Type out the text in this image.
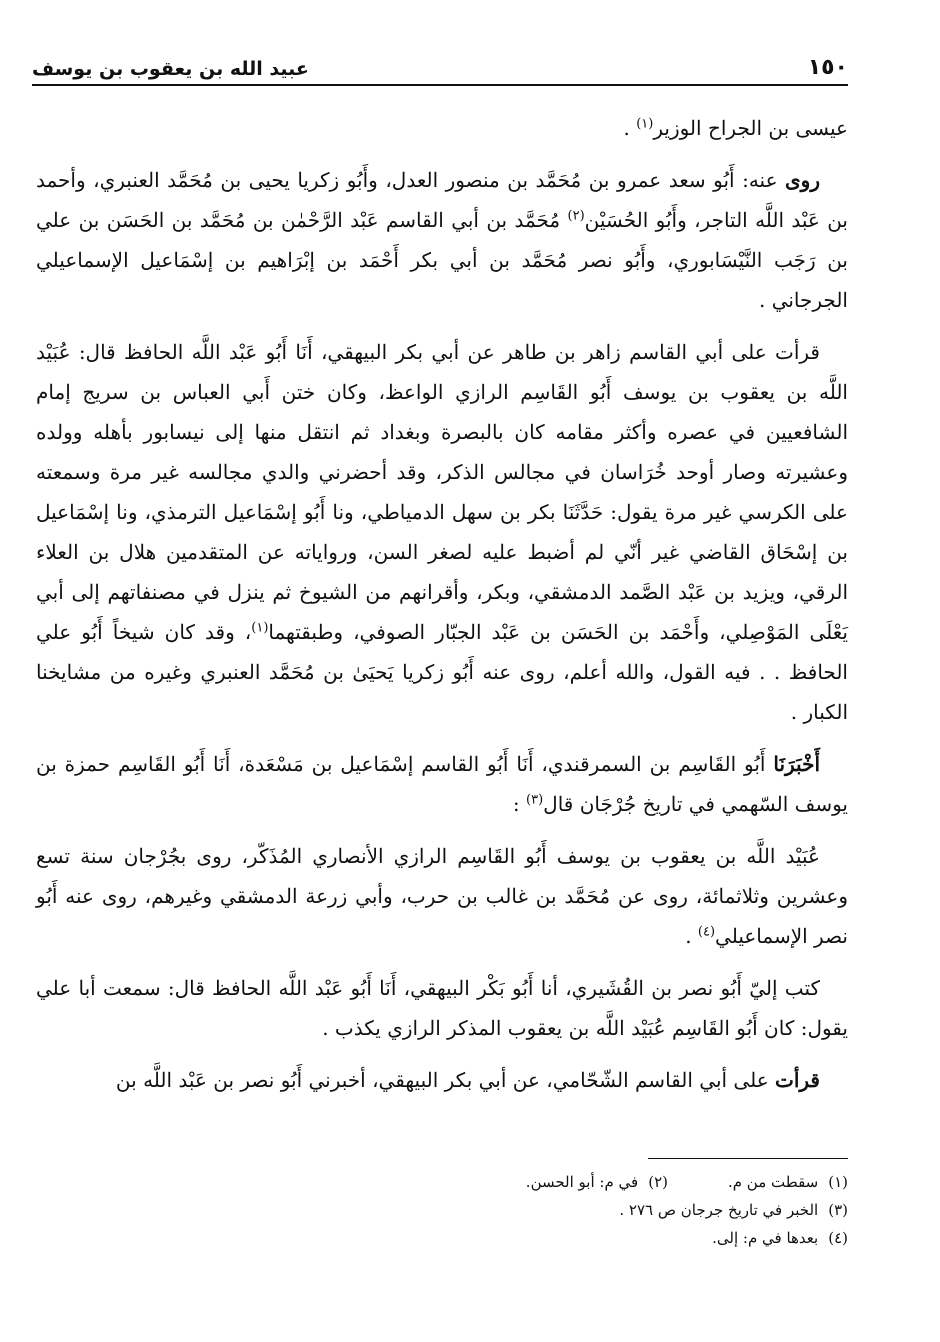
عبيد الله بن يعقوب بن يوسف	١٥٠

عيسى بن الجراح الوزير$^{(١)}$ .

روى عنه: أَبُو سعد عمرو بن مُحَمَّد بن منصور العدل، وأَبُو زكريا يحيى بن مُحَمَّد العنبري، وأحمد بن عَبْد اللَّه التاجر، وأَبُو الحُسَيْن$^{(٢)}$ مُحَمَّد بن أبي القاسم عَبْد الرَّحْمٰن بن مُحَمَّد بن الحَسَن بن علي بن رَجَب النَّيْسَابوري، وأَبُو نصر مُحَمَّد بن أبي بكر أَحْمَد بن إبْرَاهيم بن إسْمَاعيل الإسماعيلي الجرجاني .

قرأت على أبي القاسم زاهر بن طاهر عن أبي بكر البيهقي، أَنَا أَبُو عَبْد اللَّه الحافظ قال: عُبَيْد اللَّه بن يعقوب بن يوسف أَبُو القَاسِم الرازي الواعظ، وكان ختن أَبي العباس بن سريج إمام الشافعيين في عصره وأكثر مقامه كان بالبصرة وبغداد ثم انتقل منها إلى نيسابور بأهله وولده وعشيرته وصار أوحد خُرَاسان في مجالس الذكر، وقد أحضرني والدي مجالسه غير مرة وسمعته على الكرسي غير مرة يقول: حَدَّثَنَا بكر بن سهل الدمياطي، ونا أَبُو إسْمَاعيل الترمذي، ونا إسْمَاعيل بن إسْحَاق القاضي غير أنّي لم أضبط عليه لصغر السن، ورواياته عن المتقدمين هلال بن العلاء الرقي، ويزيد بن عَبْد الصَّمد الدمشقي، وبكر، وأقرانهم من الشيوخ ثم ينزل في مصنفاتهم إلى أبي يَعْلَى المَوْصِلي، وأَحْمَد بن الحَسَن بن عَبْد الجبّار الصوفي، وطبقتهما$^{(١)}$، وقد كان شيخاً أَبُو علي الحافظ . . فيه القول، والله أعلم، روى عنه أَبُو زكريا يَحيَىٰ بن مُحَمَّد العنبري وغيره من مشايخنا الكبار .

أَخْبَرَنَا أَبُو القَاسِم بن السمرقندي، أَنَا أَبُو القاسم إسْمَاعيل بن مَسْعَدة، أَنَا أَبُو القَاسِم حمزة بن يوسف السّهمي في تاريخ جُرْجَان قال$^{(٣)}$ :

عُبَيْد اللَّه بن يعقوب بن يوسف أَبُو القَاسِم الرازي الأنصاري المُذَكّر، روى بجُرْجان سنة تسع وعشرين وثلاثمائة، روى عن مُحَمَّد بن غالب بن حرب، وأبي زرعة الدمشقي وغيرهم، روى عنه أَبُو نصر الإسماعيلي$^{(٤)}$ .

كتب إليّ أَبُو نصر بن القُشَيري، أنا أَبُو بَكْر البيهقي، أَنَا أَبُو عَبْد اللَّه الحافظ قال: سمعت أبا علي يقول: كان أَبُو القَاسِم عُبَيْد اللَّه بن يعقوب المذكر الرازي يكذب .

قرأت على أبي القاسم الشّحّامي، عن أبي بكر البيهقي، أخبرني أَبُو نصر بن عَبْد اللَّه بن

(١)سقطت من م.
(٢)في م: أبو الحسن.
(٣)الخبر في تاريخ جرجان ص ٢٧٦ .
(٤)بعدها في م: إلى.
